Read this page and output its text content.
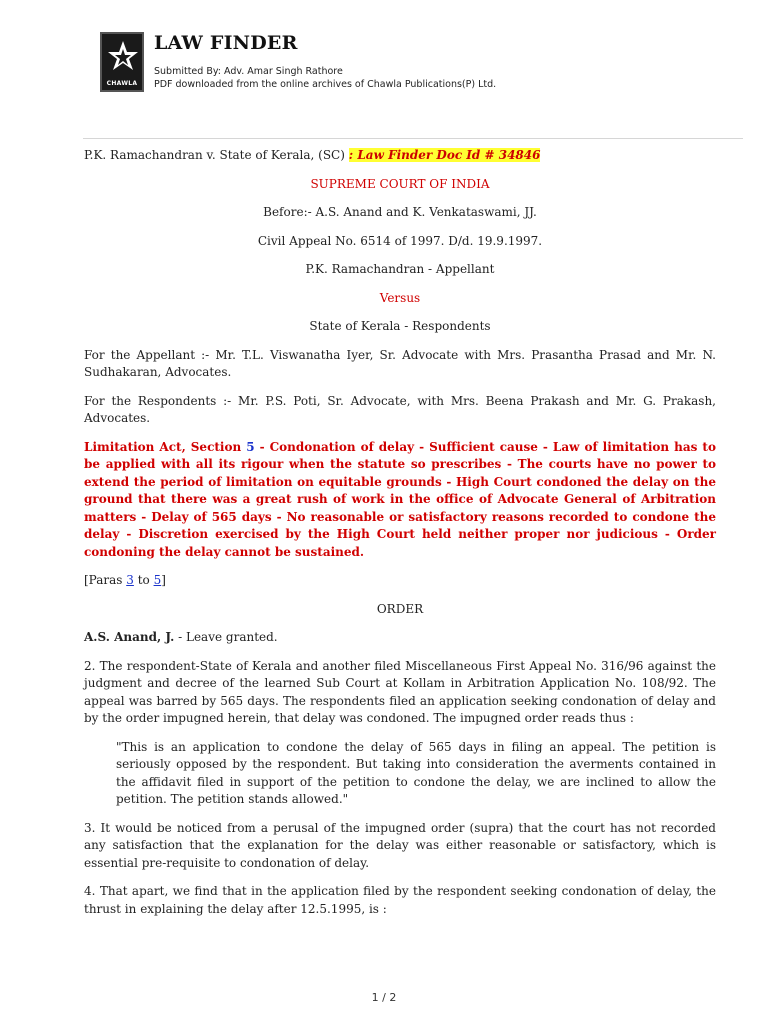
CHAWLA
LAW FINDER
Submitted By: Adv. Amar Singh Rathore
PDF downloaded from the online archives of Chawla Publications(P) Ltd.

P.K. Ramachandran v. State of Kerala, (SC) : Law Finder Doc Id # 34846

SUPREME COURT OF INDIA

Before:- A.S. Anand and K. Venkataswami, JJ.

Civil Appeal No. 6514 of 1997. D/d. 19.9.1997.

P.K. Ramachandran - Appellant

Versus

State of Kerala - Respondents

For the Appellant :- Mr. T.L. Viswanatha Iyer, Sr. Advocate with Mrs. Prasantha Prasad and Mr. N. Sudhakaran, Advocates.

For the Respondents :- Mr. P.S. Poti, Sr. Advocate, with Mrs. Beena Prakash and Mr. G. Prakash, Advocates.

Limitation Act, Section 5 - Condonation of delay - Sufficient cause - Law of limitation has to be applied with all its rigour when the statute so prescribes - The courts have no power to extend the period of limitation on equitable grounds - High Court condoned the delay on the ground that there was a great rush of work in the office of Advocate General of Arbitration matters - Delay of 565 days - No reasonable or satisfactory reasons recorded to condone the delay - Discretion exercised by the High Court held neither proper nor judicious - Order condoning the delay cannot be sustained.

[Paras 3 to 5]

ORDER

A.S. Anand, J. - Leave granted.

2. The respondent-State of Kerala and another filed Miscellaneous First Appeal No. 316/96 against the judgment and decree of the learned Sub Court at Kollam in Arbitration Application No. 108/92. The appeal was barred by 565 days. The respondents filed an application seeking condonation of delay and by the order impugned herein, that delay was condoned. The impugned order reads thus :

"This is an application to condone the delay of 565 days in filing an appeal. The petition is seriously opposed by the respondent. But taking into consideration the averments contained in the affidavit filed in support of the petition to condone the delay, we are inclined to allow the petition. The petition stands allowed."

3. It would be noticed from a perusal of the impugned order (supra) that the court has not recorded any satisfaction that the explanation for the delay was either reasonable or satisfactory, which is essential pre-requisite to condonation of delay.

4. That apart, we find that in the application filed by the respondent seeking condonation of delay, the thrust in explaining the delay after 12.5.1995, is :

1 / 2
